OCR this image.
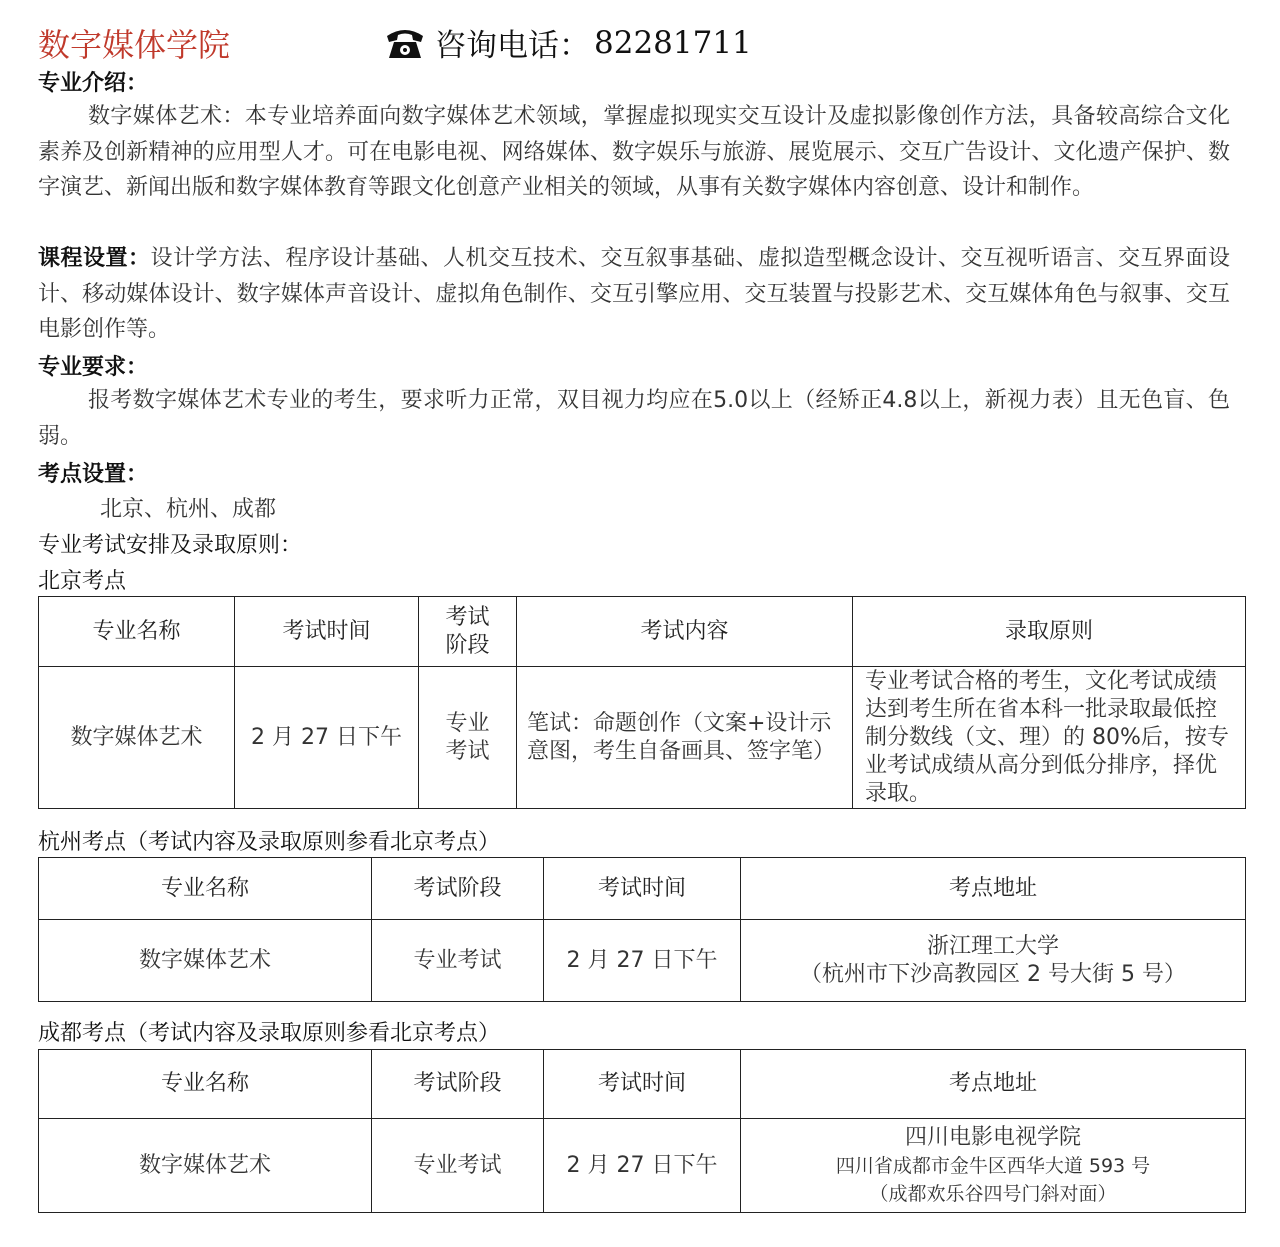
数字媒体学院	咨询电话： 82281711
专业介绍：
数字媒体艺术：本专业培养面向数字媒体艺术领域，掌握虚拟现实交互设计及虚拟影像创作方法，具备较高综合文化素养及创新精神的应用型人才。可在电影电视、网络媒体、数字娱乐与旅游、展览展示、交互广告设计、文化遗产保护、数字演艺、新闻出版和数字媒体教育等跟文化创意产业相关的领域，从事有关数字媒体内容创意、设计和制作。
课程设置：设计学方法、程序设计基础、人机交互技术、交互叙事基础、虚拟造型概念设计、交互视听语言、交互界面设计、移动媒体设计、数字媒体声音设计、虚拟角色制作、交互引擎应用、交互装置与投影艺术、交互媒体角色与叙事、交互电影创作等。
专业要求：
报考数字媒体艺术专业的考生，要求听力正常，双目视力均应在5.0以上（经矫正4.8以上，新视力表）且无色盲、色弱。
考点设置：
北京、杭州、成都
专业考试安排及录取原则：
北京考点
专业名称	考试时间	考试阶段	考试内容	录取原则
数字媒体艺术	2 月 27 日下午	专业考试	笔试：命题创作（文案+设计示意图，考生自备画具、签字笔）	专业考试合格的考生，文化考试成绩达到考生所在省本科一批录取最低控制分数线（文、理）的 80%后，按专业考试成绩从高分到低分排序，择优录取。
杭州考点（考试内容及录取原则参看北京考点）
专业名称	考试阶段	考试时间	考点地址
数字媒体艺术	专业考试	2 月 27 日下午	浙江理工大学
（杭州市下沙高教园区 2 号大街 5 号）
成都考点（考试内容及录取原则参看北京考点）
专业名称	考试阶段	考试时间	考点地址
数字媒体艺术	专业考试	2 月 27 日下午	四川电影电视学院
四川省成都市金牛区西华大道 593 号
（成都欢乐谷四号门斜对面）
